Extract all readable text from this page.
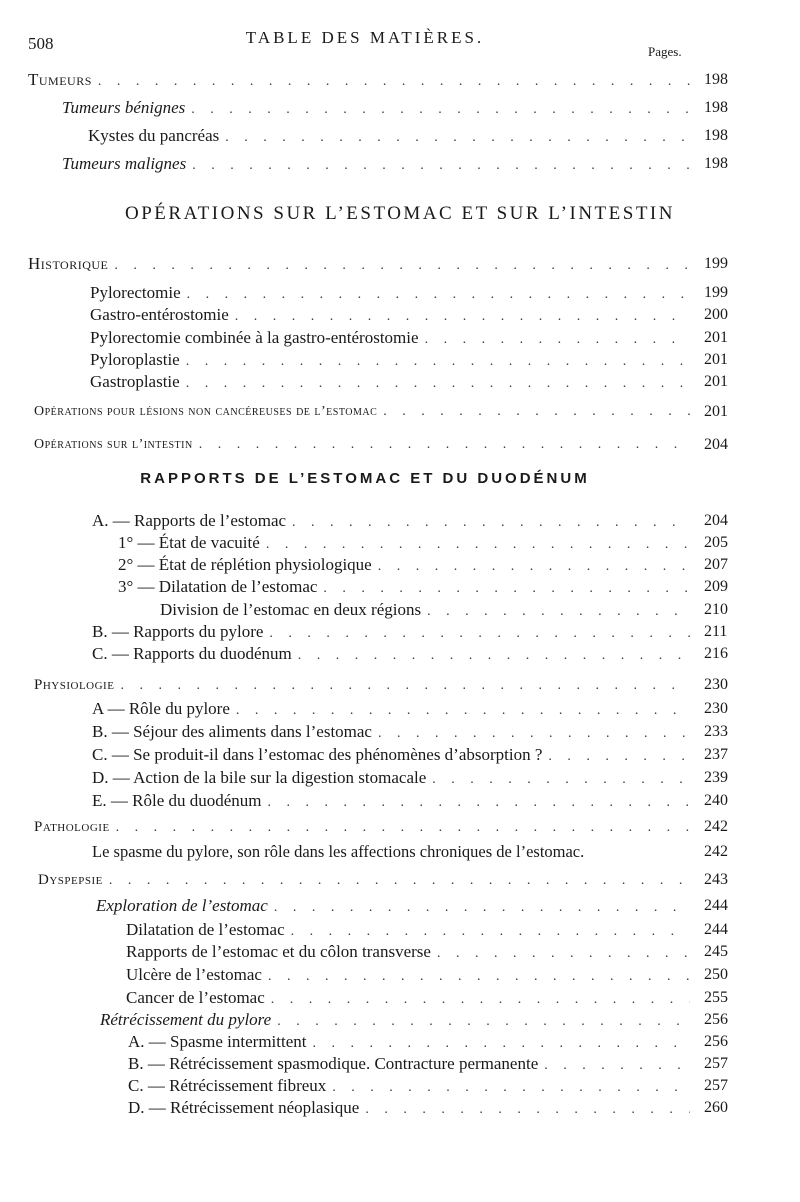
508	TABLE DES MATIÈRES.
Pages.
Tumeurs . . .	198
Tumeurs bénignes . . .	198
Kystes du pancréas . . .	198
Tumeurs malignes . . .	198
OPÉRATIONS SUR L’ESTOMAC ET SUR L’INTESTIN
Historique . . .	199
Pylorectomie . . .	199
Gastro-entérostomie . . .	200
Pylorectomie combinée à la gastro-entérostomie . . .	201
Pyloroplastie . . .	201
Gastroplastie . . .	201
Opérations pour lésions non cancéreuses de l’estomac . . .	201
Opérations sur l’intestin . . .	204
RAPPORTS DE L’ESTOMAC ET DU DUODÉNUM
A. — Rapports de l’estomac . . .	204
1° — État de vacuité . . .	205
2° — État de réplétion physiologique . . .	207
3° — Dilatation de l’estomac . . .	209
Division de l’estomac en deux régions . . .	210
B. — Rapports du pylore . . .	211
C. — Rapports du duodénum . . .	216
Physiologie . . .	230
A — Rôle du pylore . . .	230
B. — Séjour des aliments dans l’estomac . . .	233
C. — Se produit-il dans l’estomac des phénomènes d’absorption ? . . .	237
D. — Action de la bile sur la digestion stomacale . . .	239
E. — Rôle du duodénum . . .	240
Pathologie . . .	242
Le spasme du pylore, son rôle dans les affections chroniques de l’estomac.	242
Dyspepsie . . .	243
Exploration de l’estomac . . .	244
Dilatation de l’estomac . . .	244
Rapports de l’estomac et du côlon transverse . . .	245
Ulcère de l’estomac . . .	250
Cancer de l’estomac . . .	255
Rétrécissement du pylore . . .	256
A. — Spasme intermittent . . .	256
B. — Rétrécissement spasmodique. Contracture permanente . . .	257
C. — Rétrécissement fibreux . . .	257
D. — Rétrécissement néoplasique . . .	260
